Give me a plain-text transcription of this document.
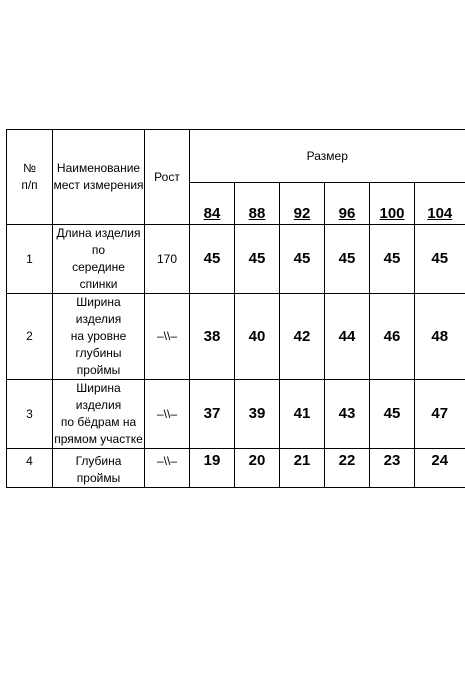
№
п/п	Наименование
мест измерения	Рост	Размер					
			84	88	92	96	100	104
1	Длина изделия по
середине спинки	170	45	45	45	45	45	45
2	Ширина изделия
на уровне
глубины проймы	–\\–	38	40	42	44	46	48
3	Ширина изделия
по бёдрам на
прямом участке	–\\–	37	39	41	43	45	47
4	Глубина проймы	–\\–	19	20	21	22	23	24
